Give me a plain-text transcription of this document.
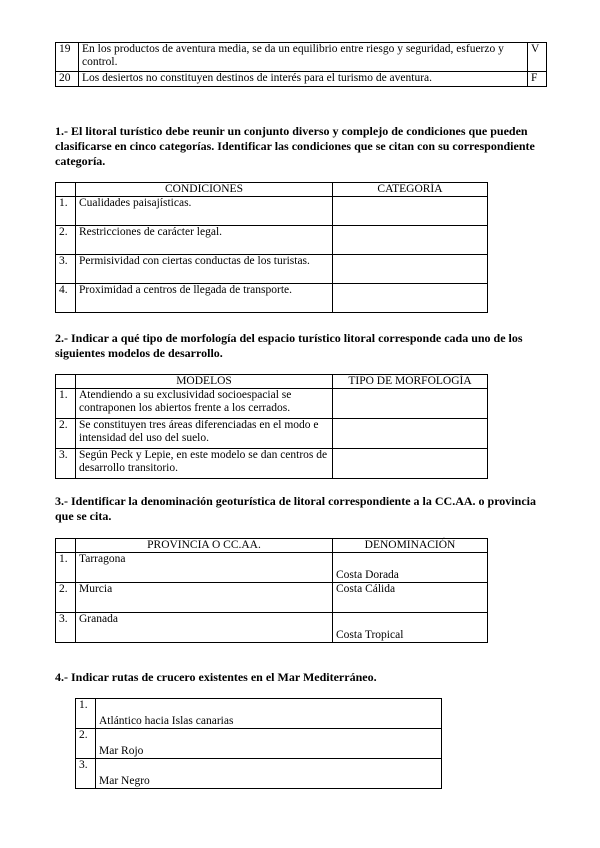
19	En los productos de aventura media, se da un equilibrio entre riesgo y seguridad, esfuerzo y control.	V
20	Los desiertos no constituyen destinos de interés para el turismo de aventura.	F

1.- El litoral turístico debe reunir un conjunto diverso y complejo de condiciones que pueden clasificarse en cinco categorías. Identificar las condiciones que se citan con su correspondiente categoría.

	CONDICIONES	CATEGORÍA
1.	Cualidades paisajísticas.	
2.	Restricciones de carácter legal.	
3.	Permisividad con ciertas conductas de los turistas.	
4.	Proximidad a centros de llegada de transporte.	

2.- Indicar a qué tipo de morfología del espacio turístico litoral corresponde cada uno de los siguientes modelos de desarrollo.

	MODELOS	TIPO DE MORFOLOGÍA
1.	Atendiendo a su exclusividad socioespacial se contraponen los abiertos frente a los cerrados.	
2.	Se constituyen tres áreas diferenciadas en el modo e intensidad del uso del suelo.	
3.	Según Peck y Lepie, en este modelo se dan centros de desarrollo transitorio.	

3.- Identificar la denominación geoturística de litoral correspondiente a la CC.AA. o provincia que se cita.

	PROVINCIA O CC.AA.	DENOMINACIÓN
1.	Tarragona	Costa Dorada
2.	Murcia	Costa Cálida
3.	Granada	Costa Tropical

4.- Indicar rutas de crucero existentes en el Mar Mediterráneo.

1.	Atlántico hacia Islas canarias
2.	Mar Rojo
3.	Mar Negro
